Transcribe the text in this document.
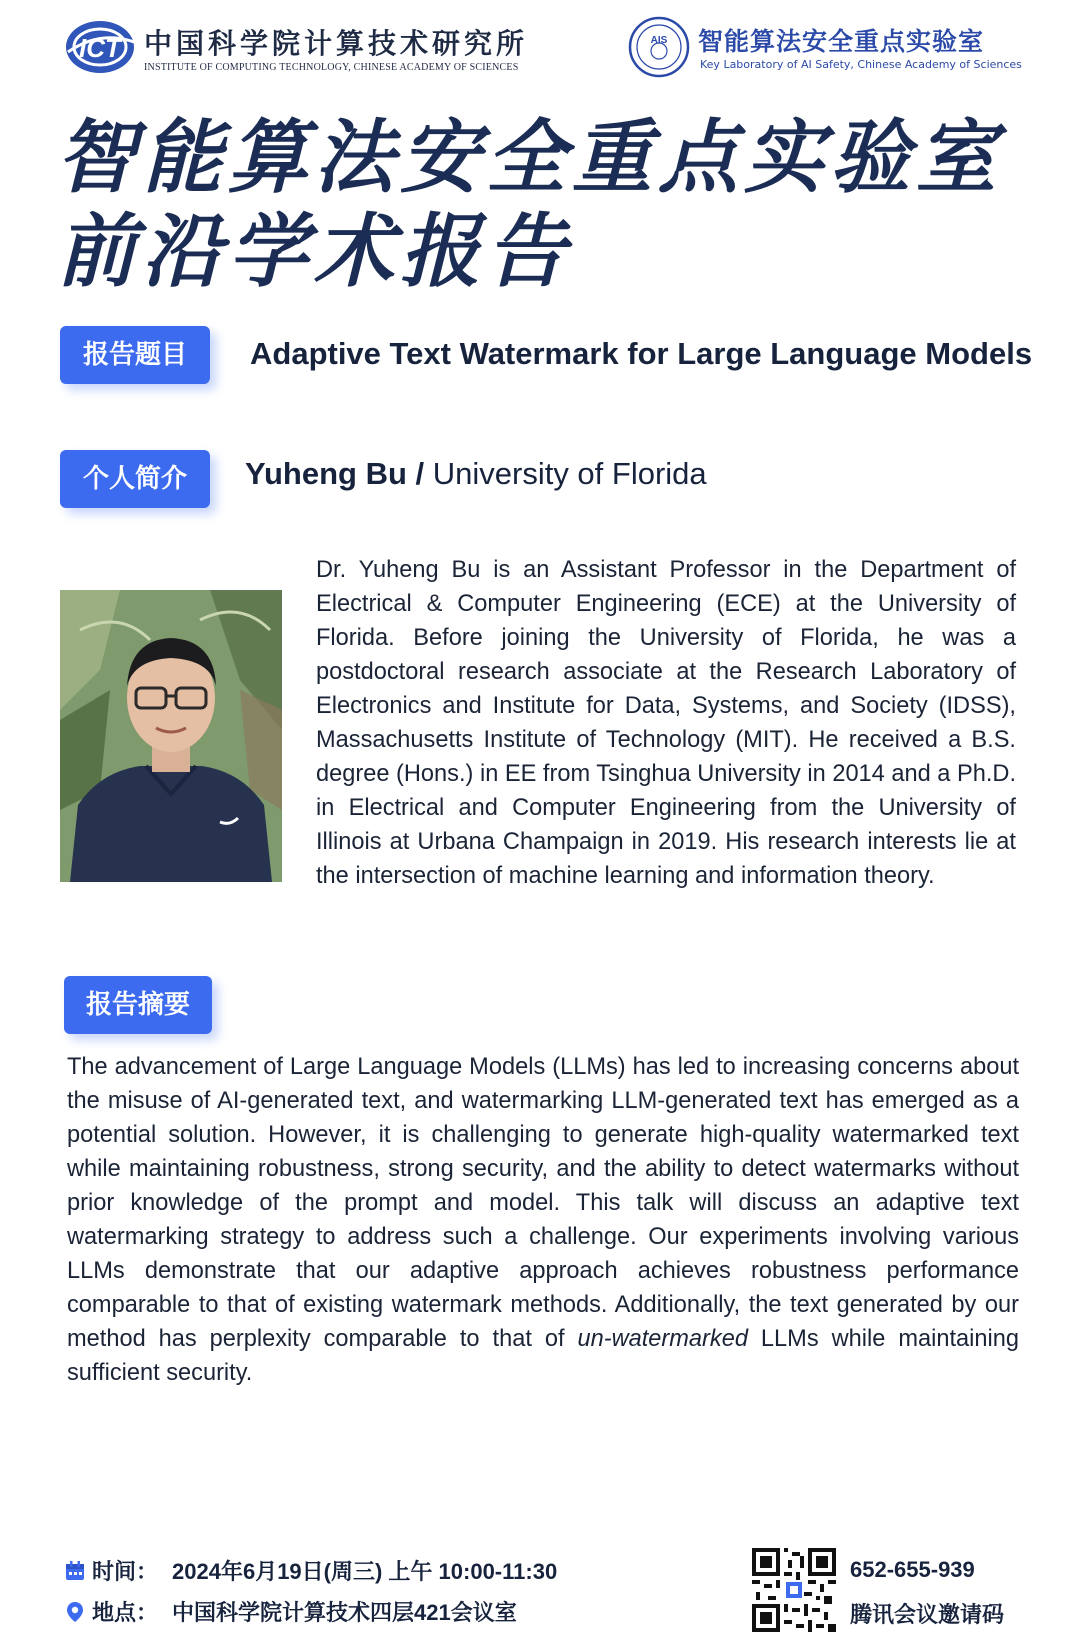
ICT 中国科学院计算技术研究所
INSTITUTE OF COMPUTING TECHNOLOGY, CHINESE ACADEMY OF SCIENCES
AIS 智能算法安全重点实验室
Key Laboratory of AI Safety, Chinese Academy of Sciences
智能算法安全重点实验室
前沿学术报告
报告题目	Adaptive Text Watermark for Large Language Models
个人简介	Yuheng Bu / University of Florida
Dr. Yuheng Bu is an Assistant Professor in the Department of Electrical & Computer Engineering (ECE) at the University of Florida. Before joining the University of Florida, he was a postdoctoral research associate at the Research Laboratory of Electronics and Institute for Data, Systems, and Society (IDSS), Massachusetts Institute of Technology (MIT). He received a B.S. degree (Hons.) in EE from Tsinghua University in 2014 and a Ph.D. in Electrical and Computer Engineering from the University of Illinois at Urbana Champaign in 2019. His research interests lie at the intersection of machine learning and information theory.
报告摘要
The advancement of Large Language Models (LLMs) has led to increasing concerns about the misuse of AI-generated text, and watermarking LLM-generated text has emerged as a potential solution. However, it is challenging to generate high-quality watermarked text while maintaining robustness, strong security, and the ability to detect watermarks without prior knowledge of the prompt and model. This talk will discuss an adaptive text watermarking strategy to address such a challenge. Our experiments involving various LLMs demonstrate that our adaptive approach achieves robustness performance comparable to that of existing watermark methods. Additionally, the text generated by our method has perplexity comparable to that of un-watermarked LLMs while maintaining sufficient security.
时间： 2024年6月19日(周三) 上午 10:00-11:30
地点： 中国科学院计算技术四层421会议室
652-655-939
腾讯会议邀请码
